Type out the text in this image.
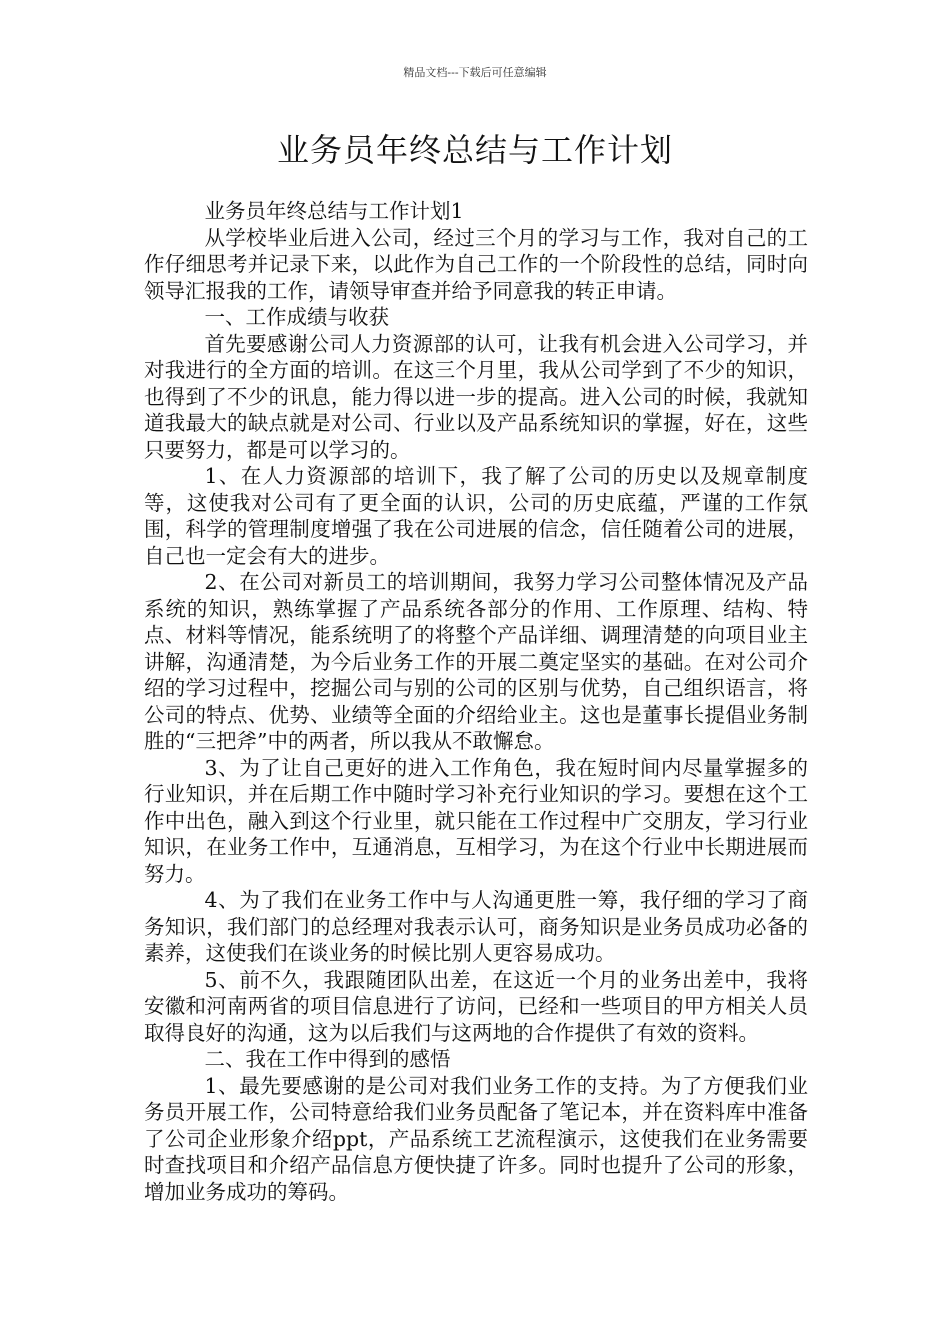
精品文档---下载后可任意编辑
业务员年终总结与工作计划

业务员年终总结与工作计划1

从学校毕业后进入公司，经过三个月的学习与工作，我对自己的工作仔细思考并记录下来，以此作为自己工作的一个阶段性的总结，同时向领导汇报我的工作，请领导审查并给予同意我的转正申请。

一、工作成绩与收获

首先要感谢公司人力资源部的认可，让我有机会进入公司学习，并对我进行的全方面的培训。在这三个月里，我从公司学到了不少的知识，也得到了不少的讯息，能力得以进一步的提高。进入公司的时候，我就知道我最大的缺点就是对公司、行业以及产品系统知识的掌握，好在，这些只要努力，都是可以学习的。

1、在人力资源部的培训下，我了解了公司的历史以及规章制度等，这使我对公司有了更全面的认识，公司的历史底蕴，严谨的工作氛围，科学的管理制度增强了我在公司进展的信念，信任随着公司的进展，自己也一定会有大的进步。

2、在公司对新员工的培训期间，我努力学习公司整体情况及产品系统的知识，熟练掌握了产品系统各部分的作用、工作原理、结构、特点、材料等情况，能系统明了的将整个产品详细、调理清楚的向项目业主讲解，沟通清楚，为今后业务工作的开展二奠定坚实的基础。在对公司介绍的学习过程中，挖掘公司与别的公司的区别与优势，自己组织语言，将公司的特点、优势、业绩等全面的介绍给业主。这也是董事长提倡业务制胜的“三把斧”中的两者，所以我从不敢懈怠。

3、为了让自己更好的进入工作角色，我在短时间内尽量掌握多的行业知识，并在后期工作中随时学习补充行业知识的学习。要想在这个工作中出色，融入到这个行业里，就只能在工作过程中广交朋友，学习行业知识，在业务工作中，互通消息，互相学习，为在这个行业中长期进展而努力。

4、为了我们在业务工作中与人沟通更胜一筹，我仔细的学习了商务知识，我们部门的总经理对我表示认可，商务知识是业务员成功必备的素养，这使我们在谈业务的时候比别人更容易成功。

5、前不久，我跟随团队出差，在这近一个月的业务出差中，我将安徽和河南两省的项目信息进行了访问，已经和一些项目的甲方相关人员取得良好的沟通，这为以后我们与这两地的合作提供了有效的资料。

二、我在工作中得到的感悟

1、最先要感谢的是公司对我们业务工作的支持。为了方便我们业务员开展工作，公司特意给我们业务员配备了笔记本，并在资料库中准备了公司企业形象介绍ppt，产品系统工艺流程演示，这使我们在业务需要时查找项目和介绍产品信息方便快捷了许多。同时也提升了公司的形象，增加业务成功的筹码。
